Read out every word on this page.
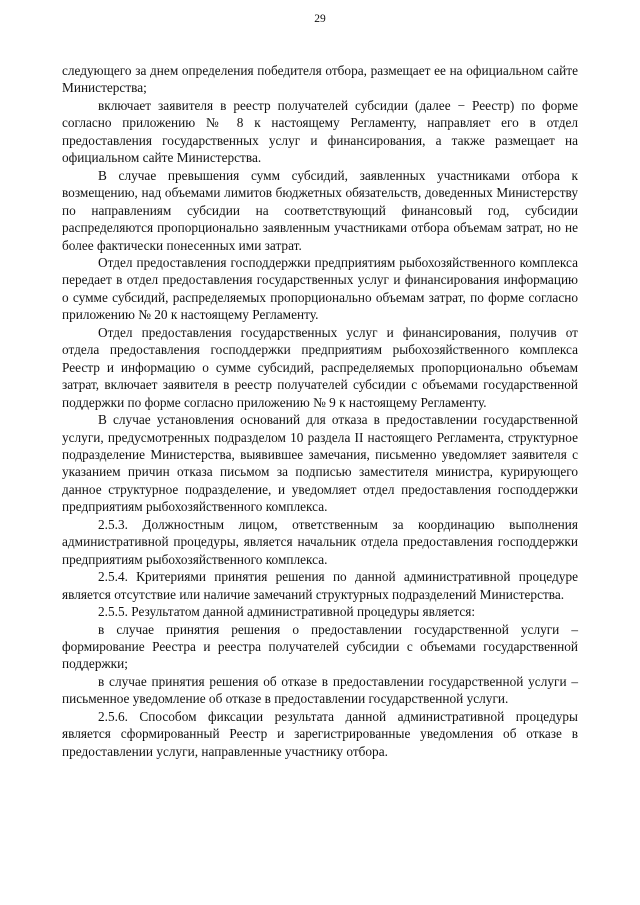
29

следующего за днем определения победителя отбора, размещает ее на официальном сайте Министерства;

включает заявителя в реестр получателей субсидии (далее − Реестр) по форме согласно приложению № 8 к настоящему Регламенту, направляет его в отдел предоставления государственных услуг и финансирования, а также размещает на официальном сайте Министерства.

В случае превышения сумм субсидий, заявленных участниками отбора к возмещению, над объемами лимитов бюджетных обязательств, доведенных Министерству по направлениям субсидии на соответствующий финансовый год, субсидии распределяются пропорционально заявленным участниками отбора объемам затрат, но не более фактически понесенных ими затрат.

Отдел предоставления господдержки предприятиям рыбохозяйственного комплекса передает в отдел предоставления государственных услуг и финансирования информацию о сумме субсидий, распределяемых пропорционально объемам затрат, по форме согласно приложению № 20 к настоящему Регламенту.

Отдел предоставления государственных услуг и финансирования, получив от отдела предоставления господдержки предприятиям рыбохозяйственного комплекса Реестр и информацию о сумме субсидий, распределяемых пропорционально объемам затрат, включает заявителя в реестр получателей субсидии с объемами государственной поддержки по форме согласно приложению № 9 к настоящему Регламенту.

В случае установления оснований для отказа в предоставлении государственной услуги, предусмотренных подразделом 10 раздела II настоящего Регламента, структурное подразделение Министерства, выявившее замечания, письменно уведомляет заявителя с указанием причин отказа письмом за подписью заместителя министра, курирующего данное структурное подразделение, и уведомляет отдел предоставления господдержки предприятиям рыбохозяйственного комплекса.

2.5.3. Должностным лицом, ответственным за координацию выполнения административной процедуры, является начальник отдела предоставления господдержки предприятиям рыбохозяйственного комплекса.

2.5.4. Критериями принятия решения по данной административной процедуре является отсутствие или наличие замечаний структурных подразделений Министерства.

2.5.5. Результатом данной административной процедуры является:

в случае принятия решения о предоставлении государственной услуги – формирование Реестра и реестра получателей субсидии с объемами государственной поддержки;

в случае принятия решения об отказе в предоставлении государственной услуги – письменное уведомление об отказе в предоставлении государственной услуги.

2.5.6. Способом фиксации результата данной административной процедуры является сформированный Реестр и зарегистрированные уведомления об отказе в предоставлении услуги, направленные участнику отбора.
